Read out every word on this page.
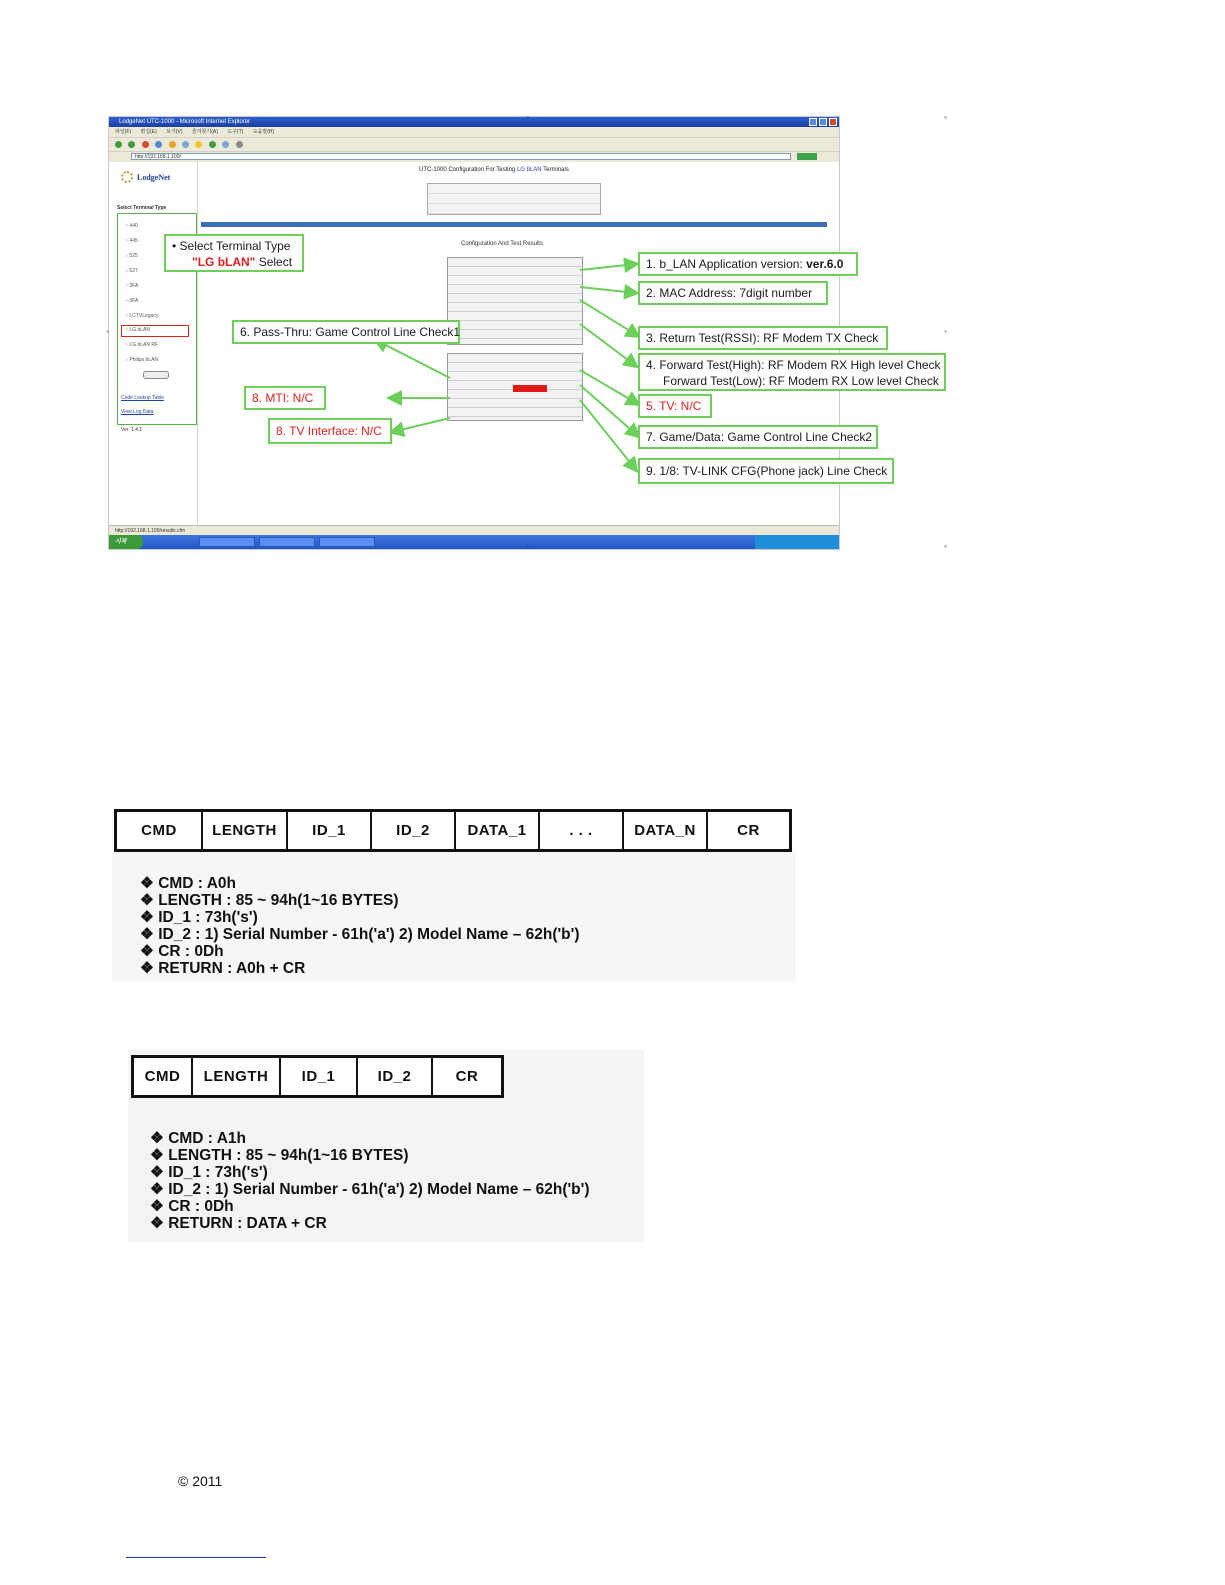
LodgeNet UTC-1000 - Microsoft Internet Explorer
파일(F) 편집(E) 보기(V) 즐겨찾기(A) 도구(T) 도움말(H)

http://192.168.1.100/
LodgeNet
Select Terminal Type
○ 440
○ 445
○ 525
○ 527
○ 3FA
○ 3FA
○ LCTVLegacy
○ LG bLAN
○ LG bLAN RF
○ Philips bLAN
Code Lookup Table
View Log Data
Ver. 1.4.1
UTC-1000 Configuration For Testing LG bLAN Terminals
Configuration And Test Results
http://192.168.1.100/results.cfm
시작
◦	◦
◦	◦
◦	◦
• Select Terminal Type
"LG bLAN" Select	1. b_LAN Application version: ver.6.0
2. MAC Address: 7digit number
3. Return Test(RSSI): RF Modem TX Check
4. Forward Test(High): RF Modem RX High level Check
Forward Test(Low): RF Modem RX Low level Check
5. TV: N/C
6. Pass-Thru: Game Control Line Check1
7. Game/Data: Game Control Line Check2
8. MTI: N/C
8. TV Interface: N/C
9. 1/8: TV-LINK CFG(Phone jack) Line Check
❖ CMD : A0h
❖ LENGTH : 85 ~ 94h(1~16 BYTES)
❖ ID_1 : 73h('s')
❖ ID_2 : 1) Serial Number - 61h('a') 2) Model Name – 62h('b')
❖ CR : 0Dh
❖ RETURN : A0h + CR
CMD	LENGTH	ID_1	ID_2	DATA_1	. . .	DATA_N	CR
❖ CMD : A1h
❖ LENGTH : 85 ~ 94h(1~16 BYTES)
❖ ID_1 : 73h('s')
❖ ID_2 : 1) Serial Number - 61h('a') 2) Model Name – 62h('b')
❖ CR : 0Dh
❖ RETURN : DATA + CR
CMD	LENGTH	ID_1	ID_2	CR
© 2011
